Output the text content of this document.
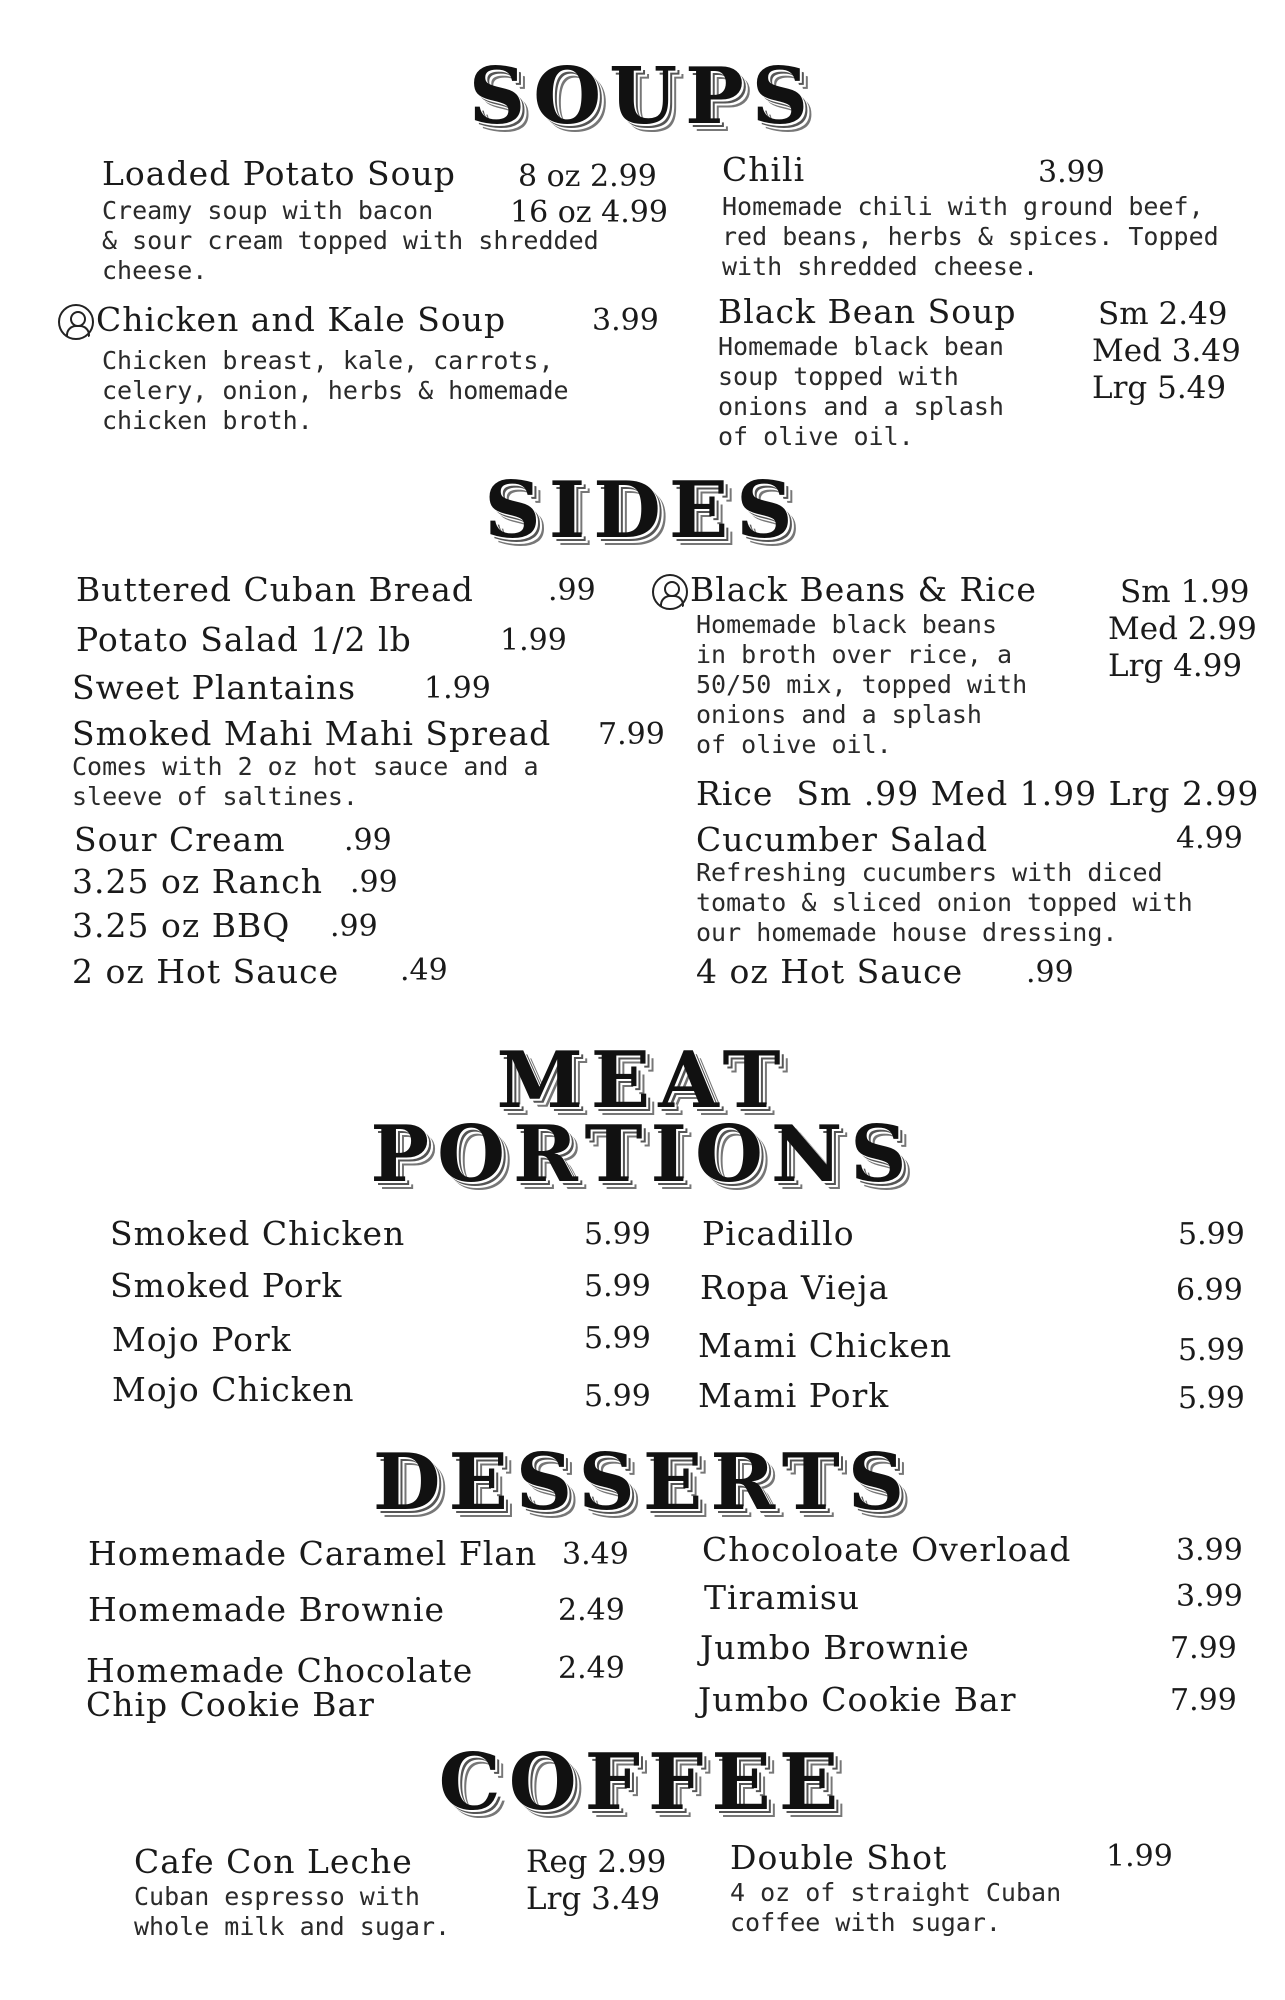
SOUPS
Loaded Potato Soup
Creamy soup with bacon
& sour cream topped with shredded
cheese.
8 oz 2.99
16 oz 4.99
Chicken and Kale Soup
Chicken breast, kale, carrots,
celery, onion, herbs & homemade
chicken broth.
3.99
Chili
Homemade chili with ground beef,
red beans, herbs & spices. Topped
with shredded cheese.
3.99
Black Bean Soup
Homemade black bean
soup topped with
onions and a splash
of olive oil.
Sm 2.49
Med 3.49
Lrg 5.49
SIDES
Buttered Cuban Bread .99
Potato Salad 1/2 lb	1.99
Sweet Plantains 1.99
Smoked Mahi Mahi Spread
Comes with 2 oz hot sauce and a
sleeve of saltines.
7.99
Sour Cream .99
3.25 oz Ranch .99
3.25 oz BBQ .99
2 oz Hot Sauce .49
Black Beans & Rice
Homemade black beans
in broth over rice, a
50/50 mix, topped with
onions and a splash
of olive oil.
Sm 1.99
Med 2.99
Lrg 4.99
Rice  Sm .99 Med 1.99 Lrg 2.99
Cucumber Salad
Refreshing cucumbers with diced
tomato & sliced onion topped with
our homemade house dressing.
4.99
4 oz Hot Sauce .99
MEAT
PORTIONS
Smoked Chicken	5.99
Smoked Pork	5.99
Mojo Pork	5.99
Mojo Chicken	5.99
Picadillo	5.99
Ropa Vieja	6.99
Mami Chicken	5.99
Mami Pork	5.99
DESSERTS
Homemade Caramel Flan 3.49
Homemade Brownie	2.49
Homemade Chocolate
Chip Cookie Bar
2.49
Chocoloate Overload	3.99
Tiramisu	3.99
Jumbo Brownie	7.99
Jumbo Cookie Bar	7.99
COFFEE
Cafe Con Leche
Cuban espresso with
whole milk and sugar.
Reg 2.99
Lrg 3.49
Double Shot
4 oz of straight Cuban
coffee with sugar.
1.99
